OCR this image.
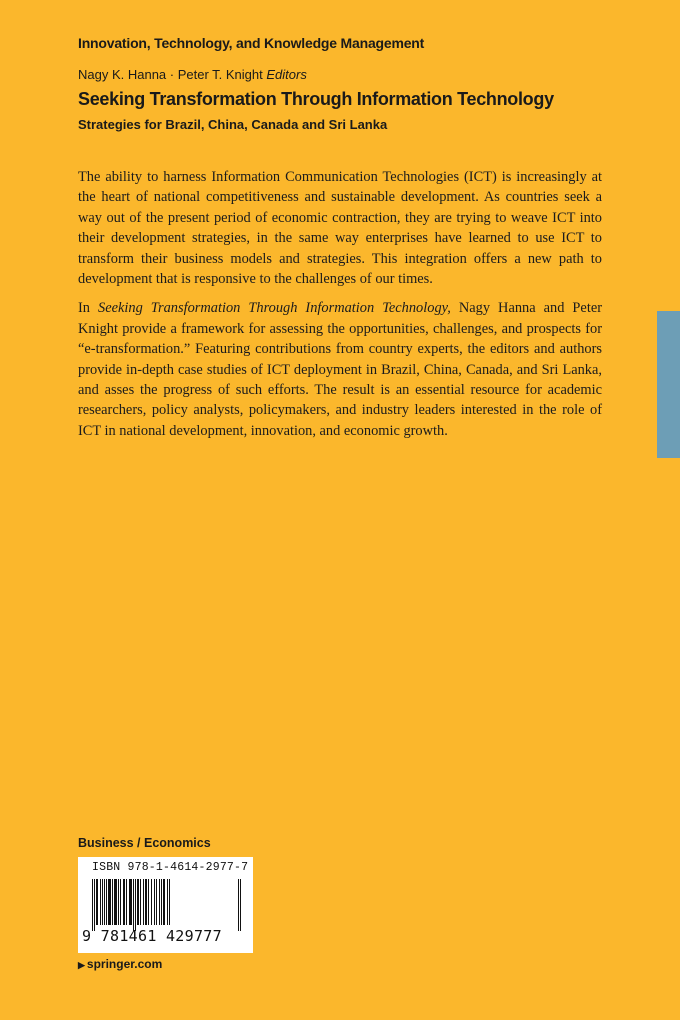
Innovation, Technology, and Knowledge Management
Nagy K. Hanna · Peter T. Knight Editors
Seeking Transformation Through Information Technology
Strategies for Brazil, China, Canada and Sri Lanka

The ability to harness Information Communication Technologies (ICT) is increasingly at the heart of national competitiveness and sustainable development. As countries seek a way out of the present period of economic contraction, they are trying to weave ICT into their development strategies, in the same way enterprises have learned to use ICT to transform their business models and strategies. This integration offers a new path to development that is responsive to the challenges of our times.

In Seeking Transformation Through Information Technology, Nagy Hanna and Peter Knight provide a framework for assessing the opportunities, challenges, and prospects for “e-transformation.” Featuring contributions from country experts, the editors and authors provide in-depth case studies of ICT deployment in Brazil, China, Canada, and Sri Lanka, and asses the progress of such efforts. The result is an essential resource for academic researchers, policy analysts, policymakers, and industry leaders interested in the role of ICT in national development, innovation, and economic growth.

Business / Economics
ISBN 978-1-4614-2977-7
9 781461 429777
▶ springer.com
